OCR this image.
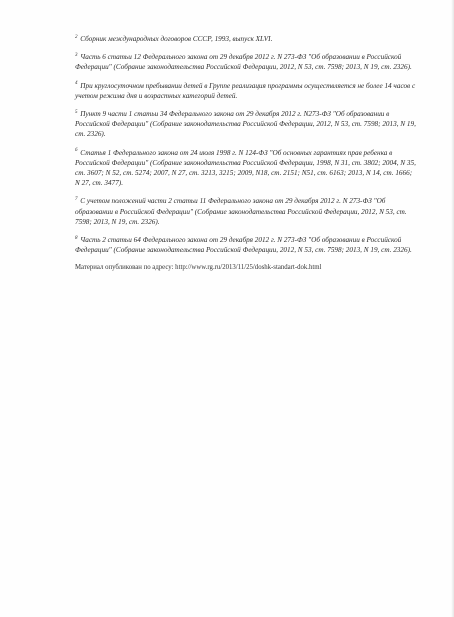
$^2$ Сборник международных договоров СССР, 1993, выпуск XLVI.

$^3$ Часть 6 статьи 12 Федерального закона от 29 декабря 2012 г. N 273-ФЗ "Об образовании в Российской Федерации" (Собрание законодательства Российской Федерации, 2012, N 53, ст. 7598; 2013, N 19, ст. 2326).

$^4$ При круглосуточном пребывании детей в Группе реализация программы осуществляется не более 14 часов с учетом режима дня и возрастных категорий детей.

$^5$ Пункт 9 части 1 статьи 34 Федерального закона от 29 декабря 2012 г. N273-ФЗ "Об образовании в Российской Федерации" (Собрание законодательства Российской Федерации, 2012, N 53, ст. 7598; 2013, N 19, ст. 2326).

$^6$ Статья 1 Федерального закона от 24 июля 1998 г. N 124-ФЗ "Об основных гарантиях прав ребенка в Российской Федерации" (Собрание законодательства Российской Федерации, 1998, N 31, ст. 3802; 2004, N 35, ст. 3607; N 52, ст. 5274; 2007, N 27, ст. 3213, 3215; 2009, N18, ст. 2151; N51, ст. 6163; 2013, N 14, ст. 1666; N 27, ст. 3477).

$^7$ С учетом положений части 2 статьи 11 Федерального закона от 29 декабря 2012 г. N 273-ФЗ "Об образовании в Российской Федерации" (Собрание законодательства Российской Федерации, 2012, N 53, ст. 7598; 2013, N 19, ст. 2326).

$^8$ Часть 2 статьи 64 Федерального закона от 29 декабря 2012 г. N 273-ФЗ "Об образовании в Российской Федерации" (Собрание законодательства Российской Федерации, 2012, N 53, ст. 7598; 2013, N 19, ст. 2326).

Материал опубликован по адресу: http://www.rg.ru/2013/11/25/doshk-standart-dok.html
